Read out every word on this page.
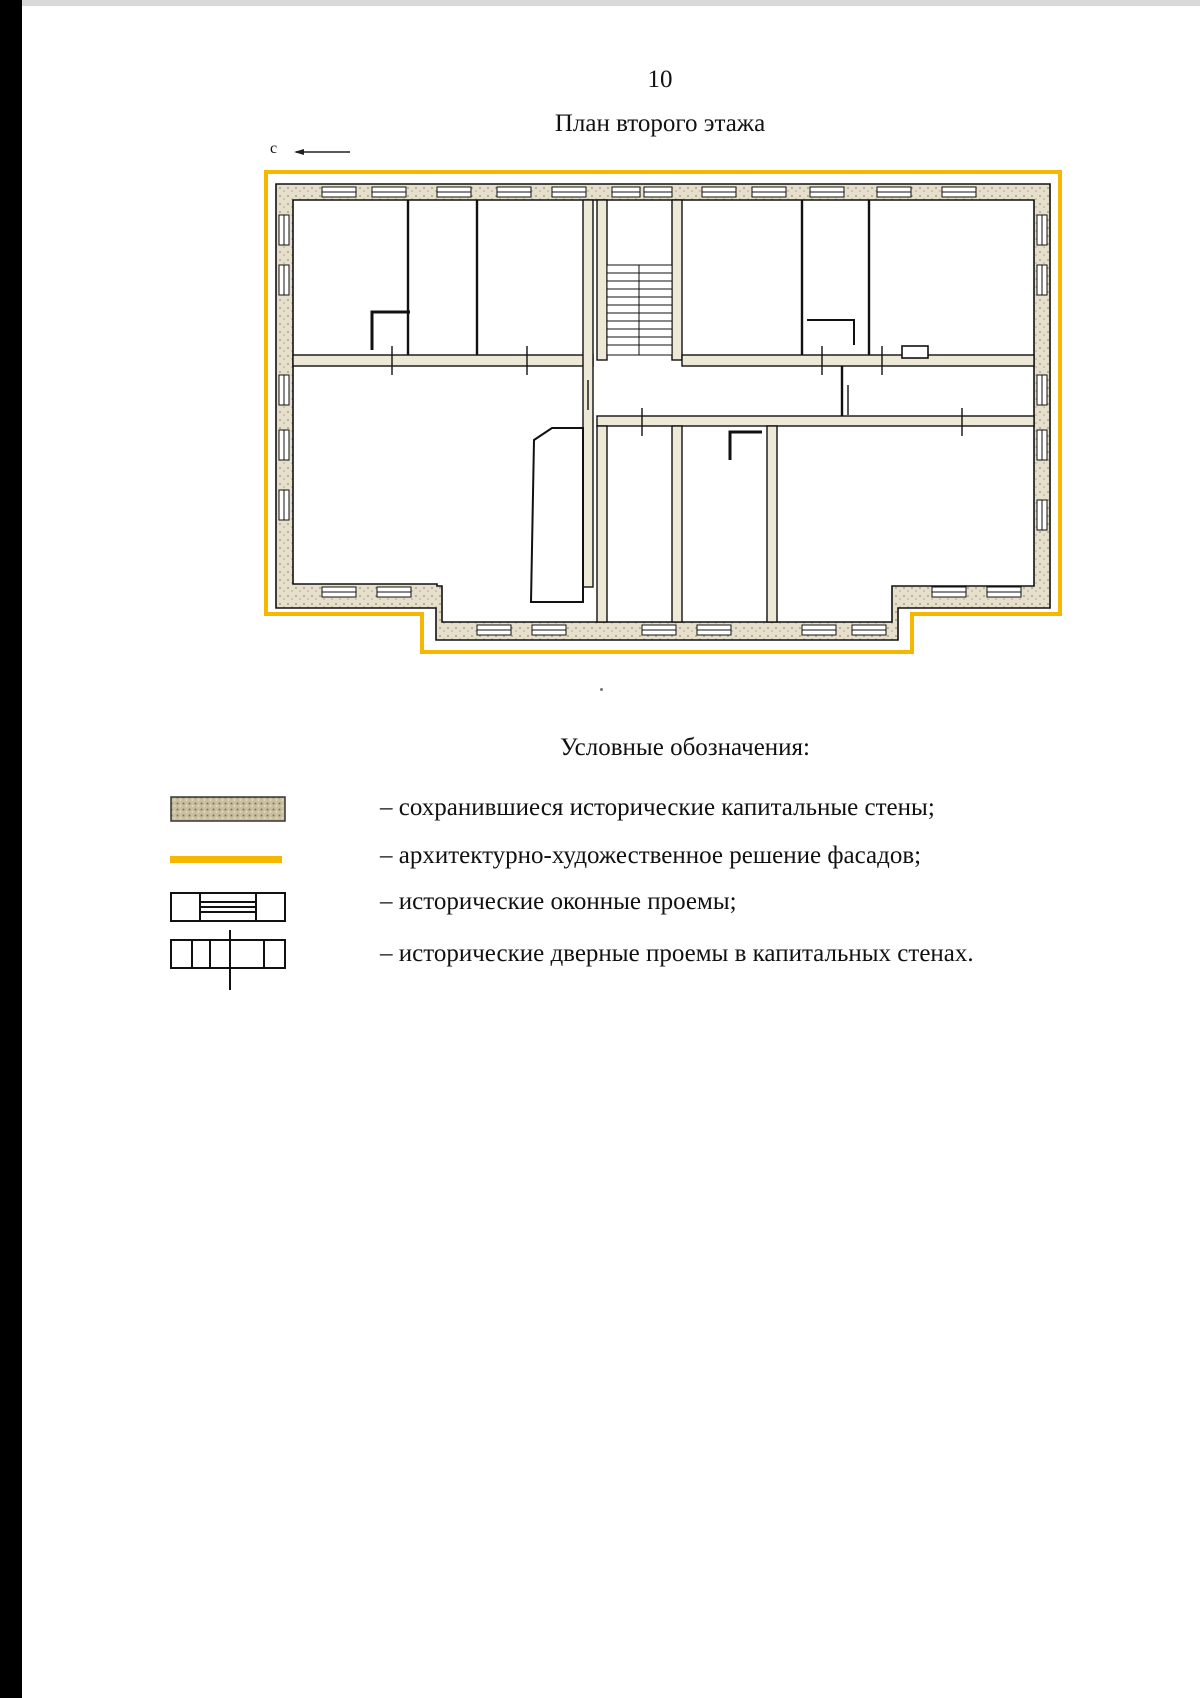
10
План второго этажа
с
Условные обозначения:
– сохранившиеся исторические капитальные стены;
– архитектурно-художественное решение фасадов;
– исторические оконные проемы;
– исторические дверные проемы в капитальных стенах.
